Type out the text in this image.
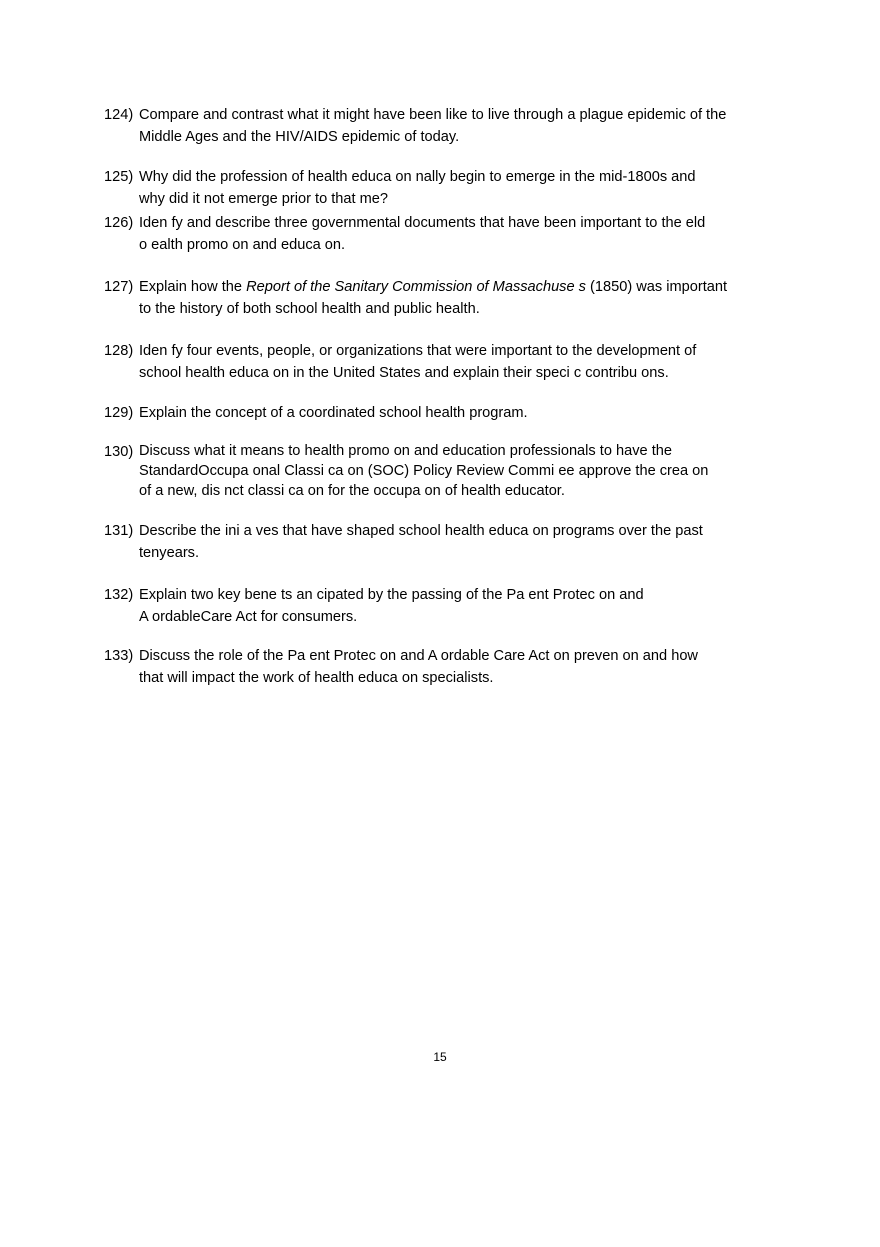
124) Compare and contrast what it might have been like to live through a plague epidemic of the
Middle Ages and the HIV/AIDS epidemic of today.
125) Why did the profession of health educa on nally begin to emerge in the mid-1800s and
why did it not emerge prior to that me?
126) Iden fy and describe three governmental documents that have been important to the eld
o ealth promo on and educa on.
127) Explain how the Report of the Sanitary Commission of Massachuse s (1850) was important
to the history of both school health and public health.
128) Iden fy four events, people, or organizations that were important to the development of
school health educa on in the United States and explain their speci c contribu ons.
129) Explain the concept of a coordinated school health program.
130) Discuss what it means to health promo on and education professionals to have the
StandardOccupa onal Classi ca on (SOC) Policy Review Commi ee approve the crea on
of a new, dis nct classi ca on for the occupa on of health educator.
131) Describe the ini a ves that have shaped school health educa on programs over the past
tenyears.
132) Explain two key bene ts an cipated by the passing of the Pa ent Protec on and
A ordableCare Act for consumers.
133) Discuss the role of the Pa ent Protec on and A ordable Care Act on preven on and how
that will impact the work of health educa on specialists.
15
